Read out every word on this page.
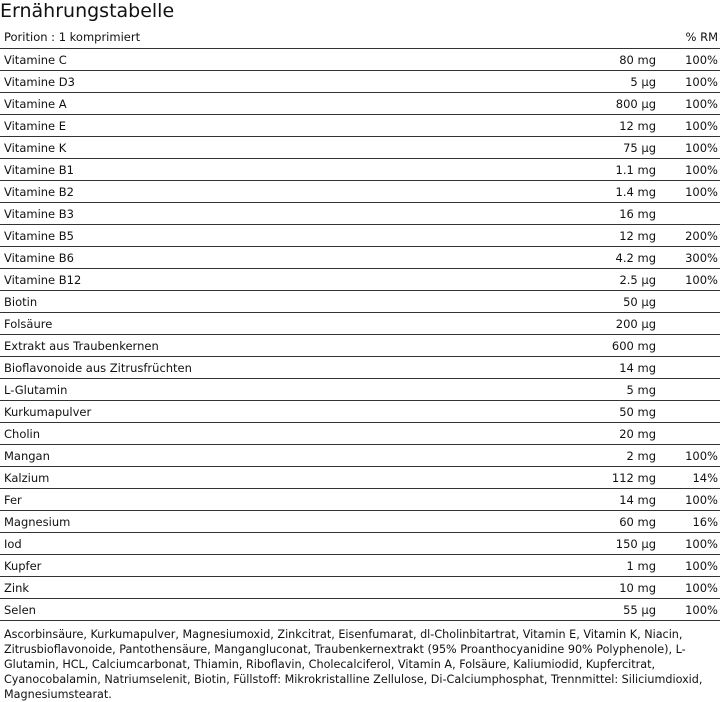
Ernährungstabelle
Porition : 1 komprimiert	% RM
Vitamine C	80 mg	100%
Vitamine D3	5 µg	100%
Vitamine A	800 µg	100%
Vitamine E	12 mg	100%
Vitamine K	75 µg	100%
Vitamine B1	1.1 mg	100%
Vitamine B2	1.4 mg	100%
Vitamine B3	16 mg
Vitamine B5	12 mg	200%
Vitamine B6	4.2 mg	300%
Vitamine B12	2.5 µg	100%
Biotin	50 µg
Folsäure	200 µg
Extrakt aus Traubenkernen	600 mg
Bioflavonoide aus Zitrusfrüchten	14 mg
L-Glutamin	5 mg
Kurkumapulver	50 mg
Cholin	20 mg
Mangan	2 mg	100%
Kalzium	112 mg	14%
Fer	14 mg	100%
Magnesium	60 mg	16%
Iod	150 µg	100%
Kupfer	1 mg	100%
Zink	10 mg	100%
Selen	55 µg	100%
Ascorbinsäure, Kurkumapulver, Magnesiumoxid, Zinkcitrat, Eisenfumarat, dl-Cholinbitartrat, Vitamin E, Vitamin K, Niacin, Zitrusbioflavonoide, Pantothensäure, Mangangluconat, Traubenkernextrakt (95% Proanthocyanidine 90% Polyphenole), L-Glutamin, HCL, Calciumcarbonat, Thiamin, Riboflavin, Cholecalciferol, Vitamin A, Folsäure, Kaliumiodid, Kupfercitrat, Cyanocobalamin, Natriumselenit, Biotin, Füllstoff: Mikrokristalline Zellulose, Di-Calciumphosphat, Trennmittel: Siliciumdioxid, Magnesiumstearat.
